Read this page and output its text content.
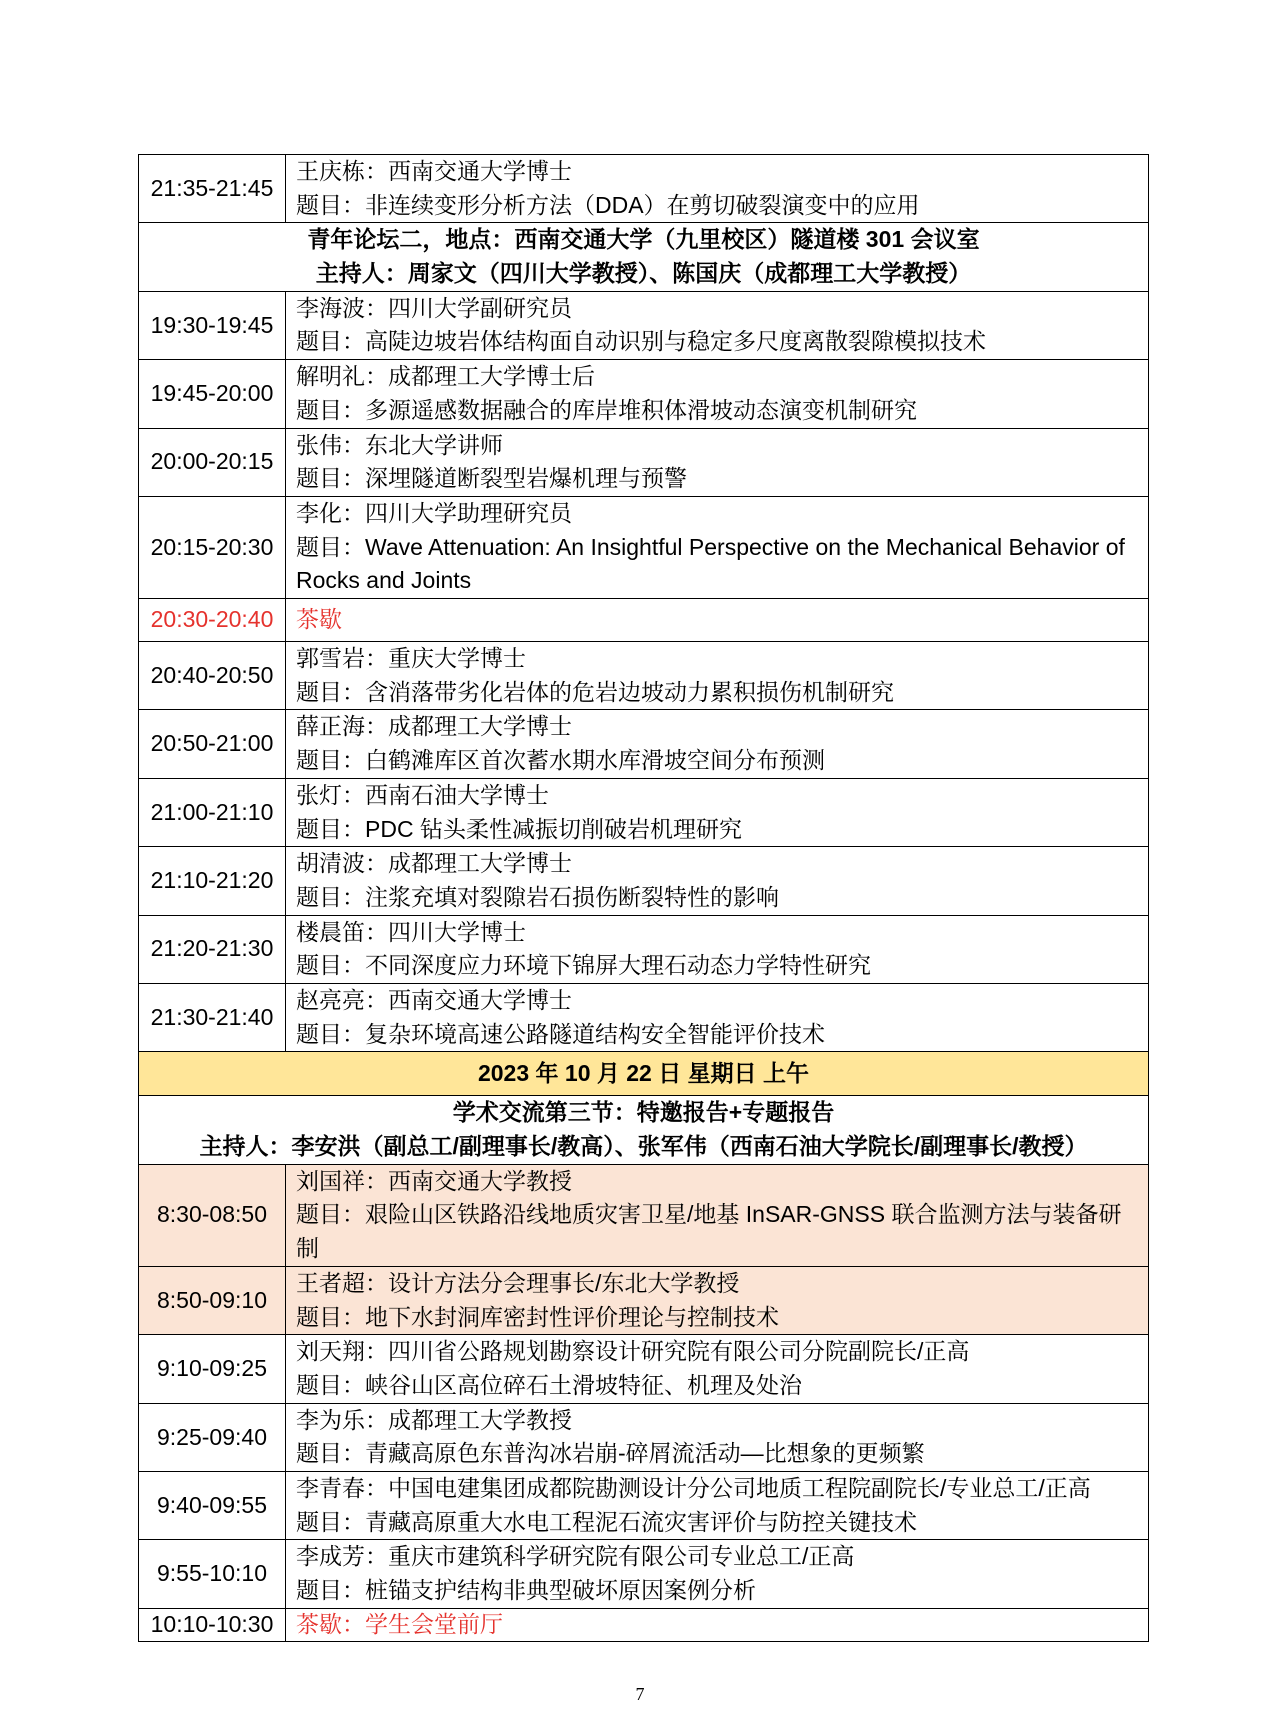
21:35-21:45
王庆栋：西南交通大学博士
题目：非连续变形分析方法（DDA）在剪切破裂演变中的应用
青年论坛二，地点：西南交通大学（九里校区）隧道楼 301 会议室
主持人：周家文（四川大学教授）、陈国庆（成都理工大学教授）
19:30-19:45
李海波：四川大学副研究员
题目：高陡边坡岩体结构面自动识别与稳定多尺度离散裂隙模拟技术
19:45-20:00
解明礼：成都理工大学博士后
题目：多源遥感数据融合的库岸堆积体滑坡动态演变机制研究
20:00-20:15
张伟：东北大学讲师
题目：深埋隧道断裂型岩爆机理与预警
20:15-20:30
李化：四川大学助理研究员
题目：Wave Attenuation: An Insightful Perspective on the Mechanical Behavior of
Rocks and Joints
20:30-20:40 茶歇
20:40-20:50
郭雪岩：重庆大学博士
题目：含消落带劣化岩体的危岩边坡动力累积损伤机制研究
20:50-21:00
薛正海：成都理工大学博士
题目：白鹤滩库区首次蓄水期水库滑坡空间分布预测
21:00-21:10
张灯：西南石油大学博士
题目：PDC 钻头柔性减振切削破岩机理研究
21:10-21:20
胡清波：成都理工大学博士
题目：注浆充填对裂隙岩石损伤断裂特性的影响
21:20-21:30
楼晨笛：四川大学博士
题目：不同深度应力环境下锦屏大理石动态力学特性研究
21:30-21:40
赵亮亮：西南交通大学博士
题目：复杂环境高速公路隧道结构安全智能评价技术
2023 年 10 月 22 日 星期日 上午
学术交流第三节：特邀报告+专题报告
主持人：李安洪（副总工/副理事长/教高）、张军伟（西南石油大学院长/副理事长/教授）
8:30-08:50
刘国祥：西南交通大学教授
题目：艰险山区铁路沿线地质灾害卫星/地基 InSAR-GNSS 联合监测方法与装备研
制
8:50-09:10
王者超：设计方法分会理事长/东北大学教授
题目：地下水封洞库密封性评价理论与控制技术
9:10-09:25
刘天翔：四川省公路规划勘察设计研究院有限公司分院副院长/正高
题目：峡谷山区高位碎石土滑坡特征、机理及处治
9:25-09:40
李为乐：成都理工大学教授
题目：青藏高原色东普沟冰岩崩-碎屑流活动—比想象的更频繁
9:40-09:55
李青春：中国电建集团成都院勘测设计分公司地质工程院副院长/专业总工/正高
题目：青藏高原重大水电工程泥石流灾害评价与防控关键技术
9:55-10:10
李成芳：重庆市建筑科学研究院有限公司专业总工/正高
题目：桩锚支护结构非典型破坏原因案例分析
10:10-10:30 茶歇：学生会堂前厅
7
